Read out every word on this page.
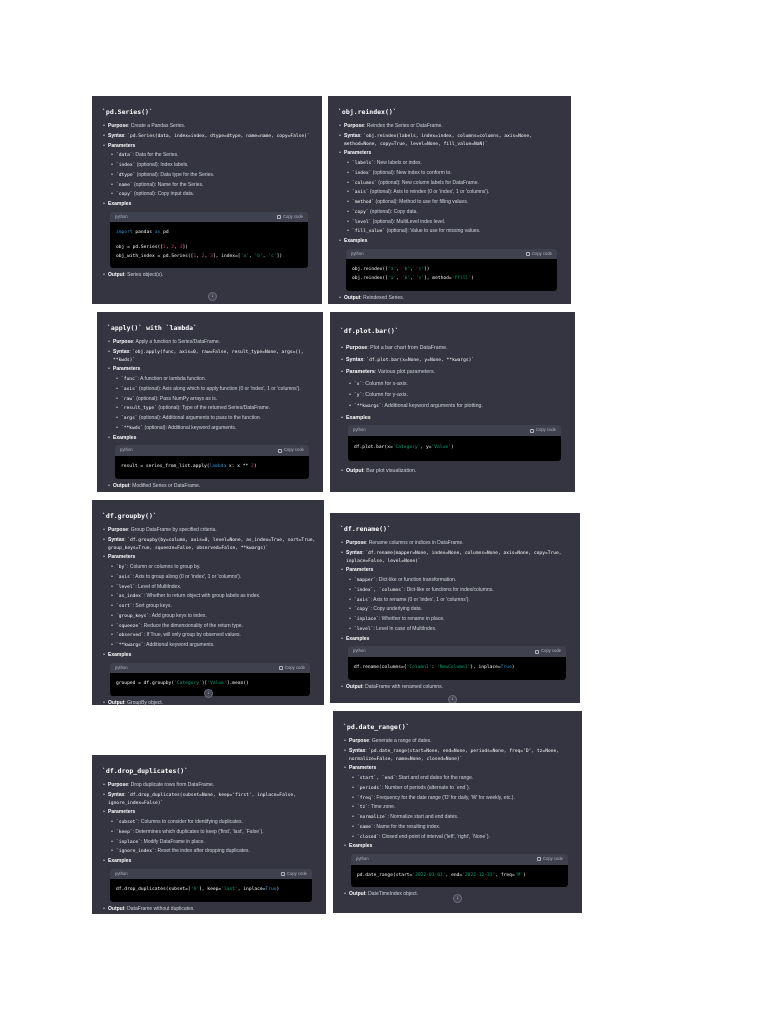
`pd.Series()`
• Purpose: Create a Pandas Series.
• Syntax: `pd.Series(data, index=index, dtype=dtype, name=name, copy=False)`
• Parameters
• `data`: Data for the Series.
• `index` (optional): Index labels.
• `dtype` (optional): Data type for the Series.
• `name` (optional): Name for the Series.
• `copy` (optional): Copy input data.
• Examples
python	Copy code
import pandas as pd
obj = pd.Series([1, 2, 3])
obj_with_index = pd.Series([1, 2, 3], index=['a', 'b', 'c'])
• Output: Series object(s).
↓
`obj.reindex()`
• Purpose: Reindex the Series or DataFrame.
• Syntax: `obj.reindex(labels, index=index, columns=columns, axis=None, method=None, copy=True, level=None, fill_value=NaN)`
• Parameters
• `labels`: New labels or index.
• `index` (optional): New index to conform to.
• `columns` (optional): New column labels for DataFrame.
• `axis` (optional): Axis to reindex (0 or 'index', 1 or 'columns').
• `method` (optional): Method to use for filling values.
• `copy` (optional): Copy data.
• `level` (optional): MultiLevel index level.
• `fill_value` (optional): Value to use for missing values.
• Examples
python	Copy code
obj.reindex(['a', 'b', 'c'])
obj.reindex(['a', 'b', 'c'], method='ffill')
• Output: Reindexed Series.
`apply()` with `lambda`
• Purpose: Apply a function to Series/DataFrame.
• Syntax: `obj.apply(func, axis=0, raw=False, result_type=None, args=(), **kwds)`
• Parameters
• `func`: A function or lambda function.
• `axis` (optional): Axis along which to apply function (0 or 'index', 1 or 'columns').
• `raw` (optional): Pass NumPy arrays as is.
• `result_type` (optional): Type of the returned Series/DataFrame.
• `args` (optional): Additional arguments to pass to the function.
• `**kwds` (optional): Additional keyword arguments.
• Examples
python	Copy code
result = series_from_list.apply(lambda x: x ** 2)
• Output: Modified Series or DataFrame.
`df.plot.bar()`
• Purpose: Plot a bar chart from DataFrame.
• Syntax: `df.plot.bar(x=None, y=None, **kwargs)`
• Parameters: Various plot parameters.
• `x`: Column for x-axis.
• `y`: Column for y-axis.
• `**kwargs`: Additional keyword arguments for plotting.
• Examples
python	Copy code
df.plot.bar(x='Category', y='Value')
• Output: Bar plot visualization.
`df.groupby()`
• Purpose: Group DataFrame by specified criteria.
• Syntax: `df.groupby(by=column, axis=0, level=None, as_index=True, sort=True, group_keys=True, squeeze=False, observed=False, **kwargs)`
• Parameters
• `by`: Column or columns to group by.
• `axis`: Axis to group along (0 or 'index', 1 or 'columns').
• `level`: Level of MultiIndex.
• `as_index`: Whether to return object with group labels as index.
• `sort`: Sort group keys.
• `group_keys`: Add group keys to index.
• `squeeze`: Reduce the dimensionality of the return type.
• `observed`: If True, will only group by observed values.
• `**kwargs`: Additional keyword arguments.
• Examples
python	Copy code
grouped = df.groupby('Category')['Value'].mean()
• Output: GroupBy object.
↓
`df.rename()`
• Purpose: Rename columns or indices in DataFrame.
• Syntax: `df.rename(mapper=None, index=None, columns=None, axis=None, copy=True, inplace=False, level=None)`
• Parameters
• `mapper`: Dict-like or function transformation.
• `index`, `columns`: Dict-like or functions for index/columns.
• `axis`: Axis to rename (0 or 'index', 1 or 'columns').
• `copy`: Copy underlying data.
• `inplace`: Whether to rename in place.
• `level`: Level in case of MultiIndex.
• Examples
python	Copy code
df.rename(columns={'Column1': 'NewColumn1'}, inplace=True)
• Output: DataFrame with renamed columns.
↓
`df.drop_duplicates()`
• Purpose: Drop duplicate rows from DataFrame.
• Syntax: `df.drop_duplicates(subset=None, keep='first', inplace=False, ignore_index=False)`
• Parameters
• `subset`: Columns to consider for identifying duplicates.
• `keep`: Determines which duplicates to keep ('first', 'last', `False`).
• `inplace`: Modify DataFrame in place.
• `ignore_index`: Reset the index after dropping duplicates.
• Examples
python	Copy code
df.drop_duplicates(subset=['A'], keep='last', inplace=True)
• Output: DataFrame without duplicates.
`pd.date_range()`
• Purpose: Generate a range of dates.
• Syntax: `pd.date_range(start=None, end=None, periods=None, freq='D', tz=None, normalize=False, name=None, closed=None)`
• Parameters
• `start`, `end`: Start and end dates for the range.
• `periods`: Number of periods (alternate to `end`).
• `freq`: Frequency for the date range ('D' for daily, 'W' for weekly, etc.).
• `tz`: Time zone.
• `normalize`: Normalize start and end dates.
• `name`: Name for the resulting index.
• `closed`: Closed end-point of interval ('left', 'right', `None`).
• Examples
python	Copy code
pd.date_range(start='2022-01-01', end='2022-12-31', freq='M')
• Output: DateTimeIndex object.
↓
